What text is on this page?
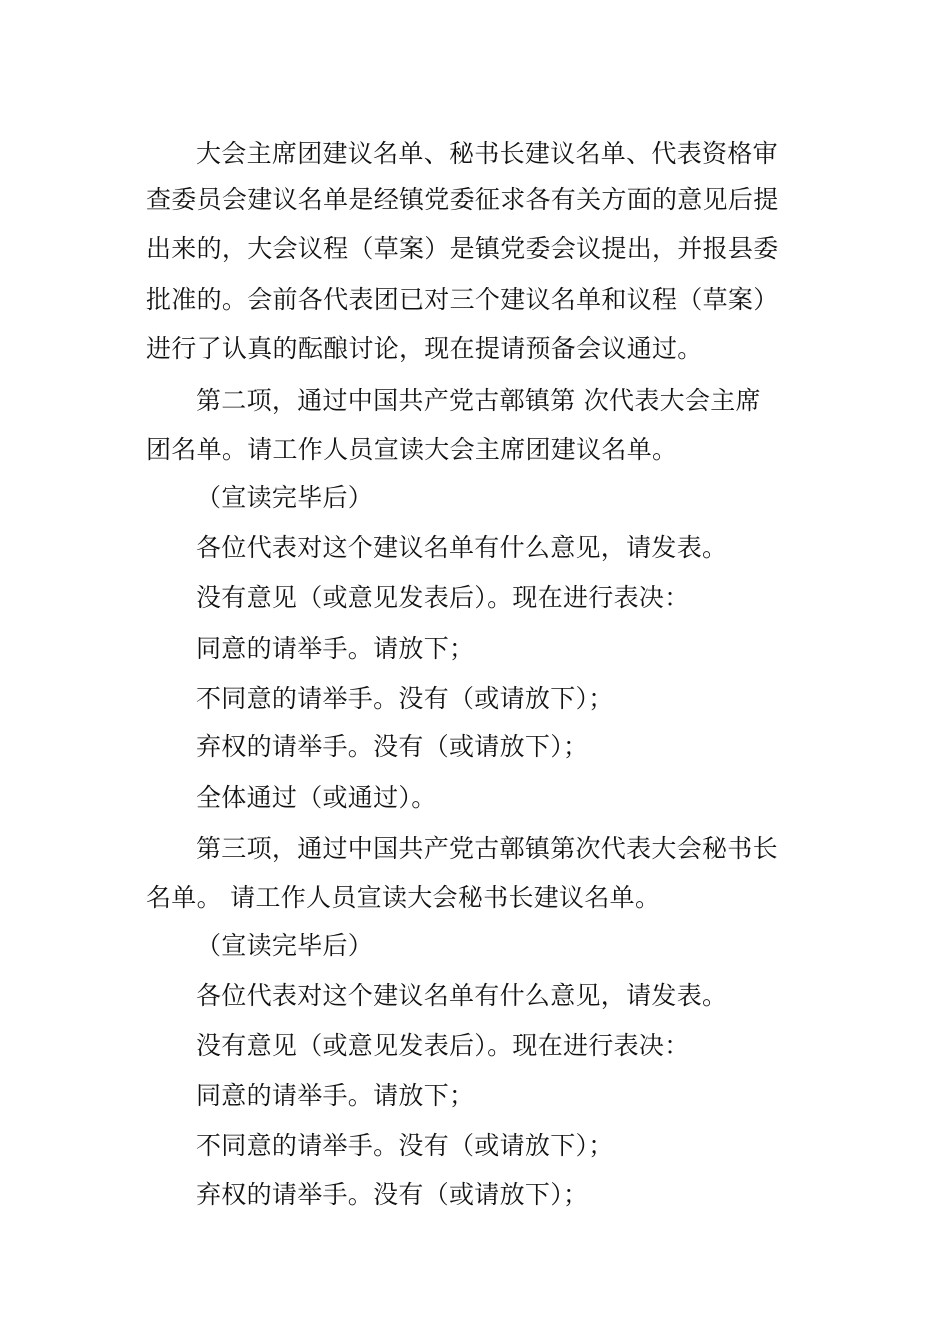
大会主席团建议名单、秘书长建议名单、代表资格审
查委员会建议名单是经镇党委征求各有关方面的意见后提
出来的，大会议程（草案）是镇党委会议提出，并报县委
批准的。会前各代表团已对三个建议名单和议程（草案）
进行了认真的酝酿讨论，现在提请预备会议通过。
第二项，通过中国共产党古鄣镇第 次代表大会主席
团名单。请工作人员宣读大会主席团建议名单。
（宣读完毕后）
各位代表对这个建议名单有什么意见，请发表。
没有意见（或意见发表后）。现在进行表决：
同意的请举手。请放下；
不同意的请举手。没有（或请放下）；
弃权的请举手。没有（或请放下）；
全体通过（或通过）。
第三项，通过中国共产党古鄣镇第次代表大会秘书长
名单。 请工作人员宣读大会秘书长建议名单。
（宣读完毕后）
各位代表对这个建议名单有什么意见，请发表。
没有意见（或意见发表后）。现在进行表决：
同意的请举手。请放下；
不同意的请举手。没有（或请放下）；
弃权的请举手。没有（或请放下）；
